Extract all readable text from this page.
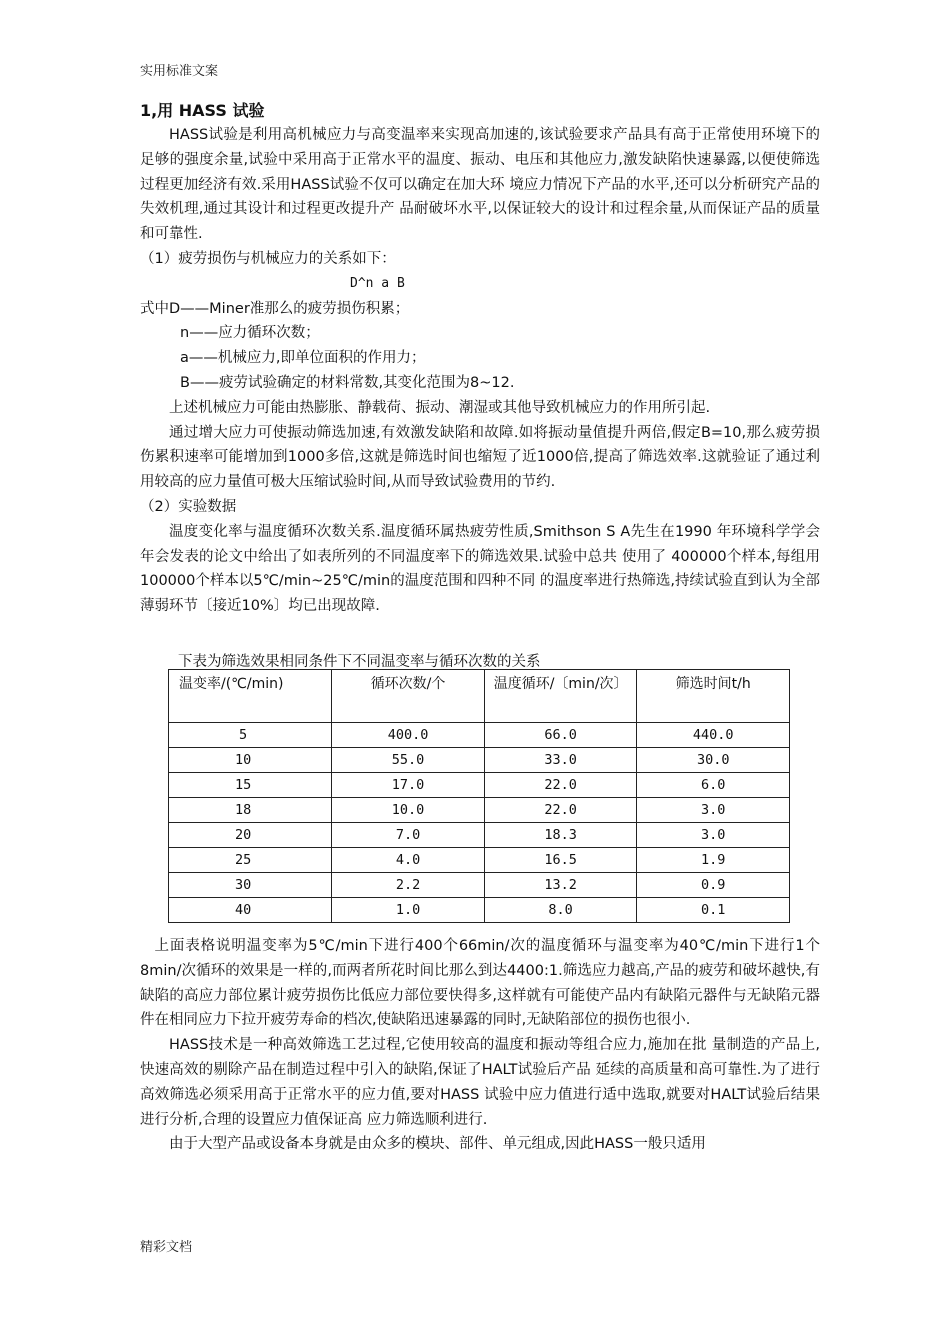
实用标准文案
1,用 HASS 试验

HASS试验是利用高机械应力与高变温率来实现高加速的,该试验要求产品具有高于正常使用环境下的足够的强度余量,试验中采用高于正常水平的温度、振动、电压和其他应力,激发缺陷快速暴露,以便使筛选过程更加经济有效.采用HASS试验不仅可以确定在加大环 境应力情况下产品的水平,还可以分析研究产品的失效机理,通过其设计和过程更改提升产 品耐破坏水平,以保证较大的设计和过程余量,从而保证产品的质量和可靠性.

（1）疲劳损伤与机械应力的关系如下：

D^n a B

式中D——Miner准那么的疲劳损伤积累；

n——应力循环次数；

a——机械应力,即单位面积的作用力；

B——疲劳试验确定的材料常数,其变化范围为8~12.

上述机械应力可能由热膨胀、静载荷、振动、潮湿或其他导致机械应力的作用所引起.

通过增大应力可使振动筛选加速,有效激发缺陷和故障.如将振动量值提升两倍,假定B=10,那么疲劳损伤累积速率可能增加到1000多倍,这就是筛选时间也缩短了近1000倍,提高了筛选效率.这就验证了通过利用较高的应力量值可极大压缩试验时间,从而导致试验费用的节约.

（2）实验数据

温度变化率与温度循环次数关系.温度循环属热疲劳性质,Smithson S A先生在1990 年环境科学学会年会发表的论文中给出了如表所列的不同温度率下的筛选效果.试验中总共 使用了 400000个样本,每组用100000个样本以5℃/min~25℃/min的温度范围和四种不同 的温度率进行热筛选,持续试验直到认为全部薄弱环节〔接近10%〕均已出现故障.

下表为筛选效果相同条件下不同温变率与循环次数的关系
温变率/(℃/min)	循环次数/个	温度循环/〔min/次〕	筛选时间t/h
5	400.0	66.0	440.0
10	55.0	33.0	30.0
15	17.0	22.0	6.0
18	10.0	22.0	3.0
20	7.0	18.3	3.0
25	4.0	16.5	1.9
30	2.2	13.2	0.9
40	1.0	8.0	0.1

上面表格说明温变率为5℃/min下进行400个66min/次的温度循环与温变率为40℃/min下进行1个8min/次循环的效果是一样的,而两者所花时间比那么到达4400:1.筛选应力越高,产品的疲劳和破坏越快,有缺陷的高应力部位累计疲劳损伤比低应力部位要快得多,这样就有可能使产品内有缺陷元器件与无缺陷元器件在相同应力下拉开疲劳寿命的档次,使缺陷迅速暴露的同时,无缺陷部位的损伤也很小.

HASS技术是一种高效筛选工艺过程,它使用较高的温度和振动等组合应力,施加在批 量制造的产品上,快速高效的剔除产品在制造过程中引入的缺陷,保证了HALT试验后产品 延续的高质量和高可靠性.为了进行高效筛选必须采用高于正常水平的应力值,要对HASS 试验中应力值进行适中选取,就要对HALT试验后结果进行分析,合理的设置应力值保证高 应力筛选顺利进行.

由于大型产品或设备本身就是由众多的模块、部件、单元组成,因此HASS一般只适用

精彩文档
